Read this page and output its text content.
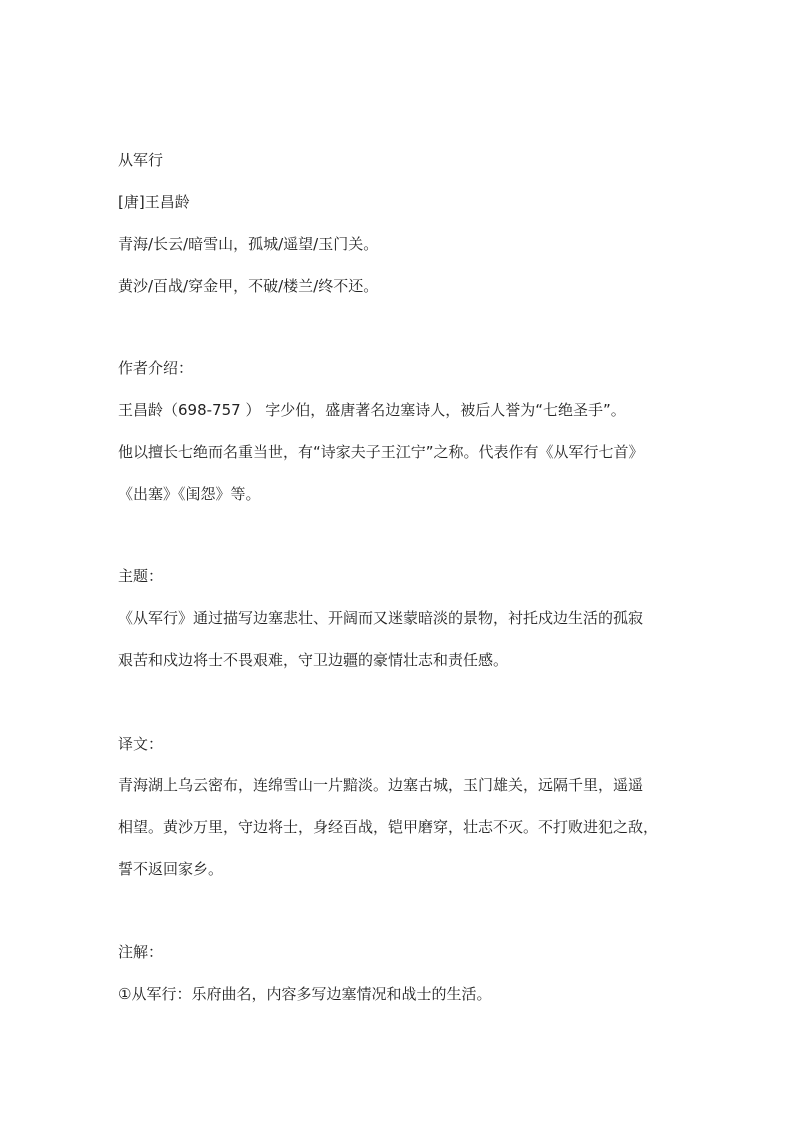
从军行

[唐]王昌龄

青海/长云/暗雪山，孤城/遥望/玉门关。

黄沙/百战/穿金甲，不破/楼兰/终不还。

作者介绍：

王昌龄（698-757 ） 字少伯，盛唐著名边塞诗人，被后人誉为“七绝圣手”。

他以擅长七绝而名重当世，有“诗家夫子王江宁”之称。代表作有《从军行七首》

《出塞》《闺怨》等。

主题：

《从军行》通过描写边塞悲壮、开阔而又迷蒙暗淡的景物，衬托戍边生活的孤寂

艰苦和戍边将士不畏艰难，守卫边疆的豪情壮志和责任感。

译文：

青海湖上乌云密布，连绵雪山一片黯淡。边塞古城，玉门雄关，远隔千里，遥遥

相望。黄沙万里，守边将士，身经百战，铠甲磨穿，壮志不灭。不打败进犯之敌，

誓不返回家乡。

注解：

①从军行：乐府曲名，内容多写边塞情况和战士的生活。
